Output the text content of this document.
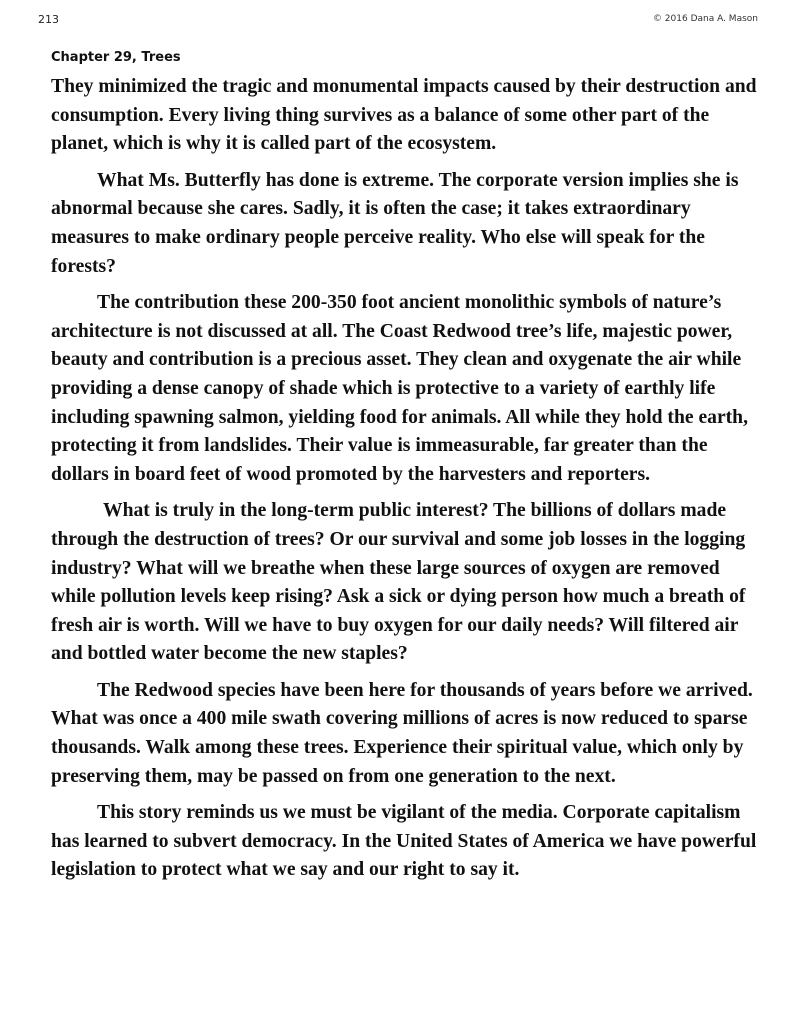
213	© 2016 Dana A. Mason
Chapter 29, Trees

They minimized the tragic and monumental impacts caused by their destruction and consumption. Every living thing survives as a balance of some other part of the planet, which is why it is called part of the ecosystem.

What Ms. Butterfly has done is extreme. The corporate version implies she is abnormal because she cares. Sadly, it is often the case; it takes extraordinary measures to make ordinary people perceive reality. Who else will speak for the forests?

The contribution these 200-350 foot ancient monolithic symbols of nature’s architecture is not discussed at all. The Coast Redwood tree’s life, majestic power, beauty and contribution is a precious asset. They clean and oxygenate the air while providing a dense canopy of shade which is protective to a variety of earthly life including spawning salmon, yielding food for animals. All while they hold the earth, protecting it from landslides. Their value is immeasurable, far greater than the dollars in board feet of wood promoted by the harvesters and reporters.

What is truly in the long-term public interest? The billions of dollars made through the destruction of trees? Or our survival and some job losses in the logging industry? What will we breathe when these large sources of oxygen are removed while pollution levels keep rising? Ask a sick or dying person how much a breath of fresh air is worth. Will we have to buy oxygen for our daily needs? Will filtered air and bottled water become the new staples?

The Redwood species have been here for thousands of years before we arrived. What was once a 400 mile swath covering millions of acres is now reduced to sparse thousands. Walk among these trees. Experience their spiritual value, which only by preserving them, may be passed on from one generation to the next.

This story reminds us we must be vigilant of the media. Corporate capitalism has learned to subvert democracy. In the United States of America we have powerful legislation to protect what we say and our right to say it.
